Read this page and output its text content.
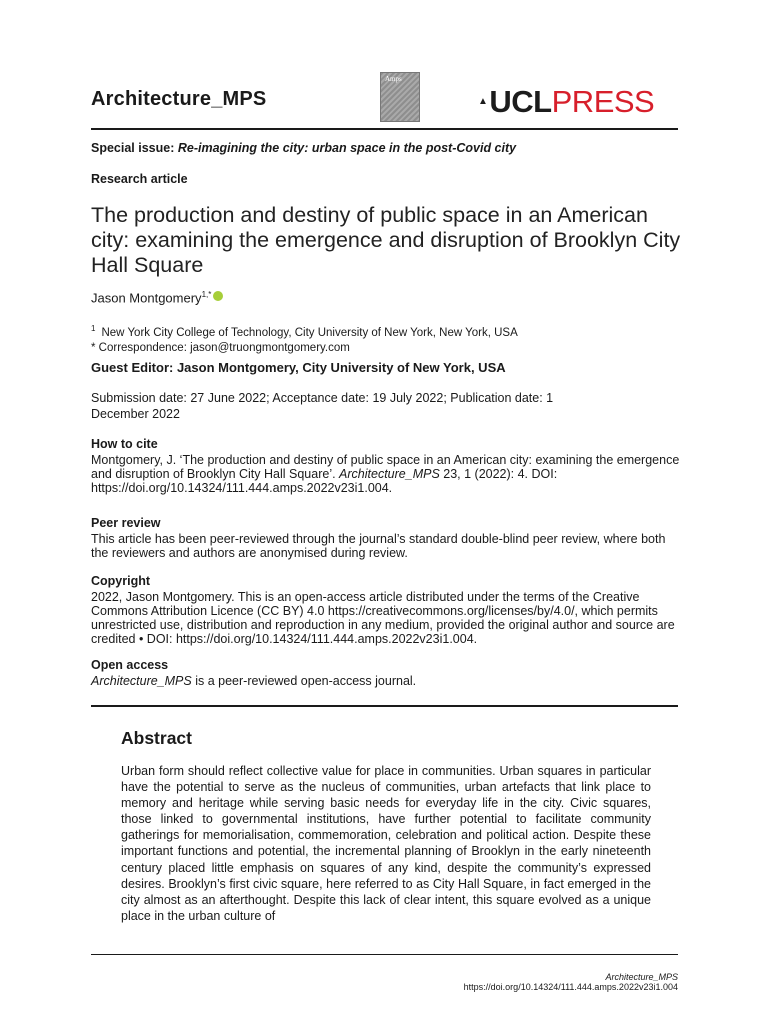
Architecture_MPS
Amps
▲UCLPRESS
Special issue: Re-imagining the city: urban space in the post-Covid city
Research article
The production and destiny of public space in an American city: examining the emergence and disruption of Brooklyn City Hall Square
Jason Montgomery$^{1,*}$
$^1$ New York City College of Technology, City University of New York, New York, USA
* Correspondence: jason@truongmontgomery.com
Guest Editor: Jason Montgomery, City University of New York, USA
Submission date: 27 June 2022; Acceptance date: 19 July 2022; Publication date: 1 December 2022
How to cite
Montgomery, J. ‘The production and destiny of public space in an American city: examining the emergence and disruption of Brooklyn City Hall Square’. Architecture_MPS 23, 1 (2022): 4. DOI: https://doi.org/10.14324/111.444.amps.2022v23i1.004.
Peer review
This article has been peer-reviewed through the journal’s standard double-blind peer review, where both the reviewers and authors are anonymised during review.
Copyright
2022, Jason Montgomery. This is an open-access article distributed under the terms of the Creative Commons Attribution Licence (CC BY) 4.0 https://creativecommons.org/licenses/by/4.0/, which permits unrestricted use, distribution and reproduction in any medium, provided the original author and source are credited • DOI: https://doi.org/10.14324/111.444.amps.2022v23i1.004.
Open access
Architecture_MPS is a peer-reviewed open-access journal.
Abstract
Urban form should reflect collective value for place in communities. Urban squares in particular have the potential to serve as the nucleus of communities, urban artefacts that link place to memory and heritage while serving basic needs for everyday life in the city. Civic squares, those linked to governmental institutions, have further potential to facilitate community gatherings for memorialisation, commemoration, celebration and political action. Despite these important functions and potential, the incremental planning of Brooklyn in the early nineteenth century placed little emphasis on squares of any kind, despite the community’s expressed desires. Brooklyn’s first civic square, here referred to as City Hall Square, in fact emerged in the city almost as an afterthought. Despite this lack of clear intent, this square evolved as a unique place in the urban culture of
Architecture_MPS
https://doi.org/10.14324/111.444.amps.2022v23i1.004
